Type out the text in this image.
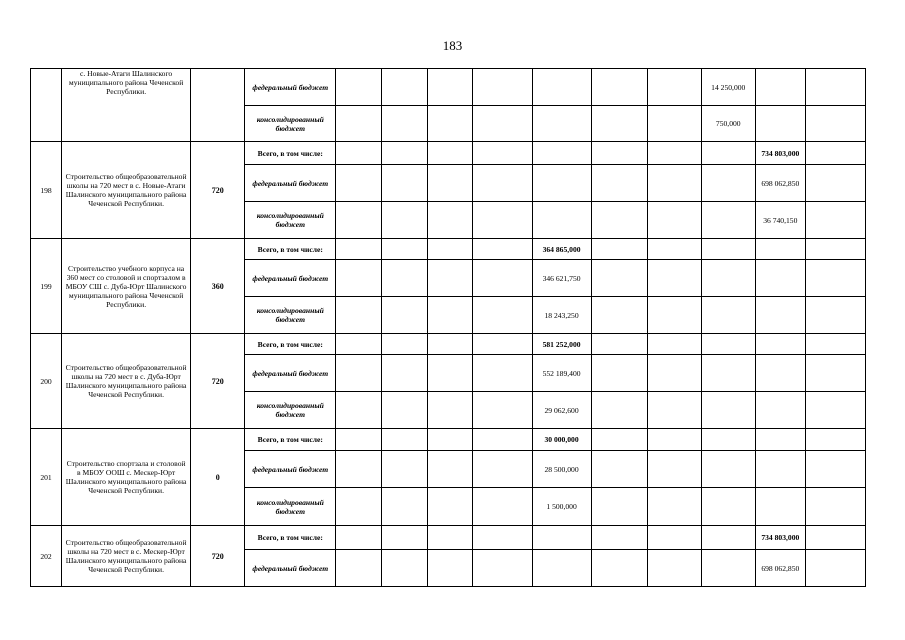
183
	с. Новые-Атаги Шалинского муниципального района Чеченской Республики.		федеральный бюджет								14 250,000		
			консолидированный бюджет								750,000		
198	Строительство общеобразовательной школы на 720 мест в с. Новые-Атаги Шалинского муниципального района Чеченской Республики.	720	Всего, в том числе:									734 803,000	
			федеральный бюджет									698 062,850	
			консолидированный бюджет									36 740,150	
199	Строительство учебного корпуса на 360 мест со столовой и спортзалом в МБОУ СШ с. Дуба-Юрт Шалинского муниципального района Чеченской Республики.	360	Всего, в том числе:					364 865,000					
			федеральный бюджет					346 621,750					
			консолидированный бюджет					18 243,250					
200	Строительство общеобразовательной школы на 720 мест в с. Дуба-Юрт Шалинского муниципального района Чеченской Республики.	720	Всего, в том числе:					581 252,000					
			федеральный бюджет					552 189,400					
			консолидированный бюджет					29 062,600					
201	Строительство спортзала и столовой в МБОУ ООШ с. Мескер-Юрт Шалинского муниципального района Чеченской Республики.	0	Всего, в том числе:					30 000,000					
			федеральный бюджет					28 500,000					
			консолидированный бюджет					1 500,000					
202	Строительство общеобразовательной школы на 720 мест в с. Мескер-Юрт Шалинского муниципального района Чеченской Республики.	720	Всего, в том числе:									734 803,000	
			федеральный бюджет									698 062,850	
